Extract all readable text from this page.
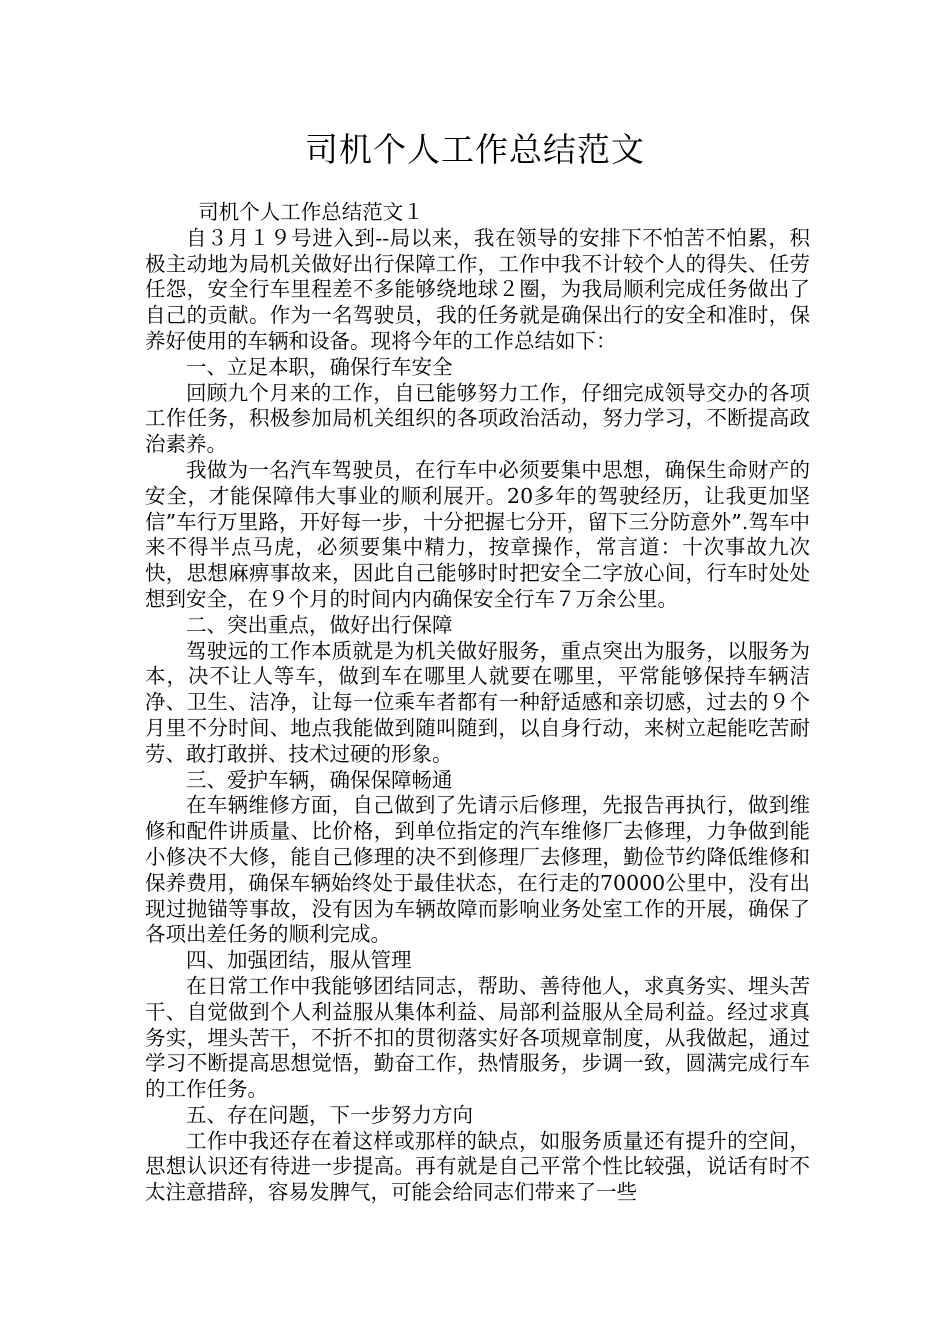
司机个人工作总结范文

司机个人工作总结范文１

自３月１９号进入到--局以来，我在领导的安排下不怕苦不怕累，积极主动地为局机关做好出行保障工作，工作中我不计较个人的得失、任劳任怨，安全行车里程差不多能够绕地球２圈，为我局顺利完成任务做出了自己的贡献。作为一名驾驶员，我的任务就是确保出行的安全和准时，保养好使用的车辆和设备。现将今年的工作总结如下：

一、立足本职，确保行车安全

回顾九个月来的工作，自已能够努力工作，仔细完成领导交办的各项工作任务，积极参加局机关组织的各项政治活动，努力学习，不断提高政治素养。

我做为一名汽车驾驶员，在行车中必须要集中思想，确保生命财产的安全，才能保障伟大事业的顺利展开。20多年的驾驶经历，让我更加坚信”车行万里路，开好每一步，十分把握七分开，留下三分防意外”.驾车中来不得半点马虎，必须要集中精力，按章操作，常言道：十次事故九次快，思想麻痹事故来，因此自己能够时时把安全二字放心间，行车时处处想到安全，在９个月的时间内内确保安全行车７万余公里。

二、突出重点，做好出行保障

驾驶远的工作本质就是为机关做好服务，重点突出为服务，以服务为本，决不让人等车，做到车在哪里人就要在哪里，平常能够保持车辆洁净、卫生、洁净，让每一位乘车者都有一种舒适感和亲切感，过去的９个月里不分时间、地点我能做到随叫随到，以自身行动，来树立起能吃苦耐劳、敢打敢拼、技术过硬的形象。

三、爱护车辆，确保保障畅通

在车辆维修方面，自己做到了先请示后修理，先报告再执行，做到维修和配件讲质量、比价格，到单位指定的汽车维修厂去修理，力争做到能小修决不大修，能自己修理的决不到修理厂去修理，勤俭节约降低维修和保养费用，确保车辆始终处于最佳状态，在行走的70000公里中，没有出现过抛锚等事故，没有因为车辆故障而影响业务处室工作的开展，确保了各项出差任务的顺利完成。

四、加强团结，服从管理

在日常工作中我能够团结同志，帮助、善待他人，求真务实、埋头苦干、自觉做到个人利益服从集体利益、局部利益服从全局利益。经过求真务实，埋头苦干，不折不扣的贯彻落实好各项规章制度，从我做起，通过学习不断提高思想觉悟，勤奋工作，热情服务，步调一致，圆满完成行车的工作任务。

五、存在问题，下一步努力方向

工作中我还存在着这样或那样的缺点，如服务质量还有提升的空间，思想认识还有待进一步提高。再有就是自己平常个性比较强，说话有时不太注意措辞，容易发脾气，可能会给同志们带来了一些
